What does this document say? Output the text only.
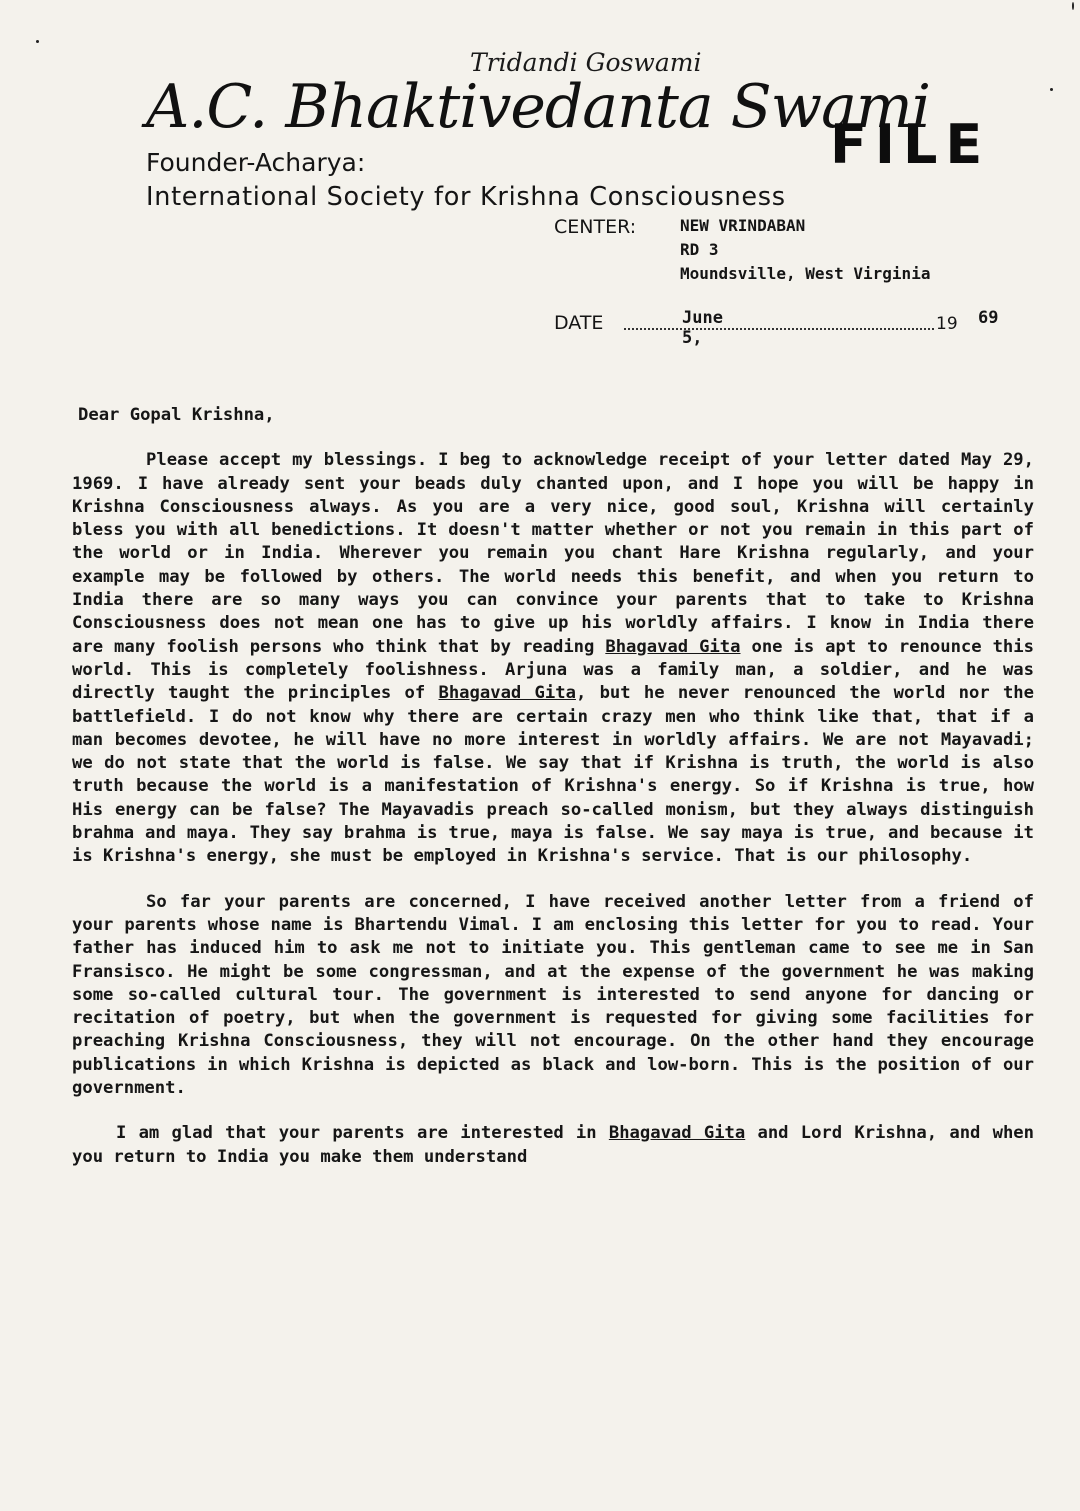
Tridandi Goswami
A.C. Bhaktivedanta Swami
FILE
Founder-Acharya:
International Society for Krishna Consciousness
CENTER:	NEW VRINDABAN
RD 3
Moundsville, West Virginia
DATE	June 5,
19 69
Dear Gopal Krishna,

Please accept my blessings. I beg to acknowledge receipt of your letter dated May 29, 1969. I have already sent your beads duly chanted upon, and I hope you will be happy in Krishna Consciousness always. As you are a very nice, good soul, Krishna will certainly bless you with all benedictions. It doesn't matter whether or not you remain in this part of the world or in India. Wherever you remain you chant Hare Krishna regularly, and your example may be followed by others. The world needs this benefit, and when you return to India there are so many ways you can convince your parents that to take to Krishna Consciousness does not mean one has to give up his worldly affairs. I know in India there are many foolish persons who think that by reading Bhagavad Gita one is apt to renounce this world. This is completely foolishness. Arjuna was a family man, a soldier, and he was directly taught the principles of Bhagavad Gita, but he never renounced the world nor the battlefield. I do not know why there are certain crazy men who think like that, that if a man becomes devotee, he will have no more interest in worldly affairs. We are not Mayavadi; we do not state that the world is false. We say that if Krishna is truth, the world is also truth because the world is a manifestation of Krishna's energy. So if Krishna is true, how His energy can be false? The Mayavadis preach so-called monism, but they always distinguish brahma and maya. They say brahma is true, maya is false. We say maya is true, and because it is Krishna's energy, she must be employed in Krishna's service. That is our philosophy.

So far your parents are concerned, I have received another letter from a friend of your parents whose name is Bhartendu Vimal. I am enclosing this letter for you to read. Your father has induced him to ask me not to initiate you. This gentleman came to see me in San Fransisco. He might be some congressman, and at the expense of the government he was making some so-called cultural tour. The government is interested to send anyone for dancing or recitation of poetry, but when the government is requested for giving some facilities for preaching Krishna Consciousness, they will not encourage. On the other hand they encourage publications in which Krishna is depicted as black and low-born. This is the position of our government.

I am glad that your parents are interested in Bhagavad Gita and Lord Krishna, and when you return to India you make them understand
